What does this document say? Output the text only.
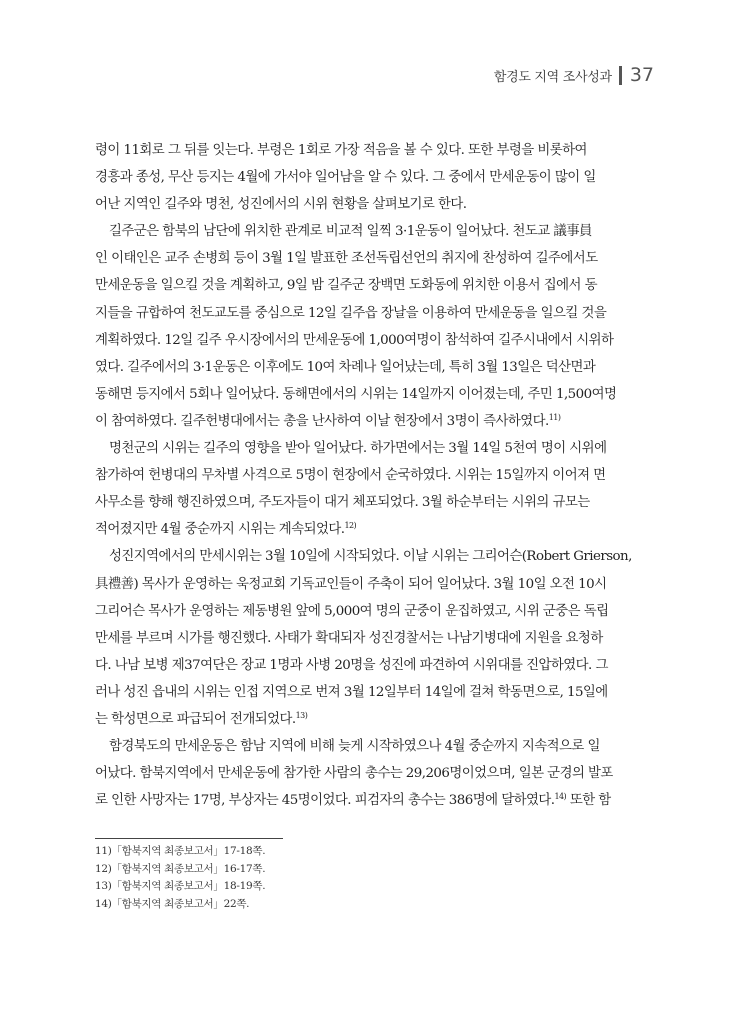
함경도 지역 조사성과 37
령이 11회로 그 뒤를 잇는다. 부령은 1회로 가장 적음을 볼 수 있다. 또한 부령을 비롯하여
경흥과 종성, 무산 등지는 4월에 가서야 일어남을 알 수 있다. 그 중에서 만세운동이 많이 일
어난 지역인 길주와 명천, 성진에서의 시위 현황을 살펴보기로 한다.
길주군은 함북의 남단에 위치한 관계로 비교적 일찍 3·1운동이 일어났다. 천도교 議事員
인 이태인은 교주 손병희 등이 3월 1일 발표한 조선독립선언의 취지에 찬성하여 길주에서도
만세운동을 일으킬 것을 계획하고, 9일 밤 길주군 장백면 도화동에 위치한 이용서 집에서 동
지들을 규합하여 천도교도를 중심으로 12일 길주읍 장날을 이용하여 만세운동을 일으킬 것을
계획하였다. 12일 길주 우시장에서의 만세운동에 1,000여명이 참석하여 길주시내에서 시위하
였다. 길주에서의 3·1운동은 이후에도 10여 차례나 일어났는데, 특히 3월 13일은 덕산면과
동해면 등지에서 5회나 일어났다. 동해면에서의 시위는 14일까지 이어졌는데, 주민 1,500여명
이 참여하였다. 길주헌병대에서는 총을 난사하여 이날 현장에서 3명이 즉사하였다.$^{11)}$
명천군의 시위는 길주의 영향을 받아 일어났다. 하가면에서는 3월 14일 5천여 명이 시위에
참가하여 헌병대의 무차별 사격으로 5명이 현장에서 순국하였다. 시위는 15일까지 이어져 면
사무소를 향해 행진하였으며, 주도자들이 대거 체포되었다. 3월 하순부터는 시위의 규모는
적어졌지만 4월 중순까지 시위는 계속되었다.$^{12)}$
성진지역에서의 만세시위는 3월 10일에 시작되었다. 이날 시위는 그리어슨(Robert Grierson,
具禮善) 목사가 운영하는 욱정교회 기독교인들이 주축이 되어 일어났다. 3월 10일 오전 10시
그리어슨 목사가 운영하는 제동병원 앞에 5,000여 명의 군중이 운집하였고, 시위 군중은 독립
만세를 부르며 시가를 행진했다. 사태가 확대되자 성진경찰서는 나남기병대에 지원을 요청하
다. 나남 보병 제37여단은 장교 1명과 사병 20명을 성진에 파견하여 시위대를 진압하였다. 그
러나 성진 읍내의 시위는 인접 지역으로 번져 3월 12일부터 14일에 걸쳐 학동면으로, 15일에
는 학성면으로 파급되어 전개되었다.$^{13)}$
함경북도의 만세운동은 함남 지역에 비해 늦게 시작하였으나 4월 중순까지 지속적으로 일
어났다. 함북지역에서 만세운동에 참가한 사람의 총수는 29,206명이었으며, 일본 군경의 발포
로 인한 사망자는 17명, 부상자는 45명이었다. 피검자의 총수는 386명에 달하였다.$^{14)}$ 또한 함
11)「함북지역 최종보고서」17-18쪽.
12)「함북지역 최종보고서」16-17쪽.
13)「함북지역 최종보고서」18-19쪽.
14)「함북지역 최종보고서」22쪽.
